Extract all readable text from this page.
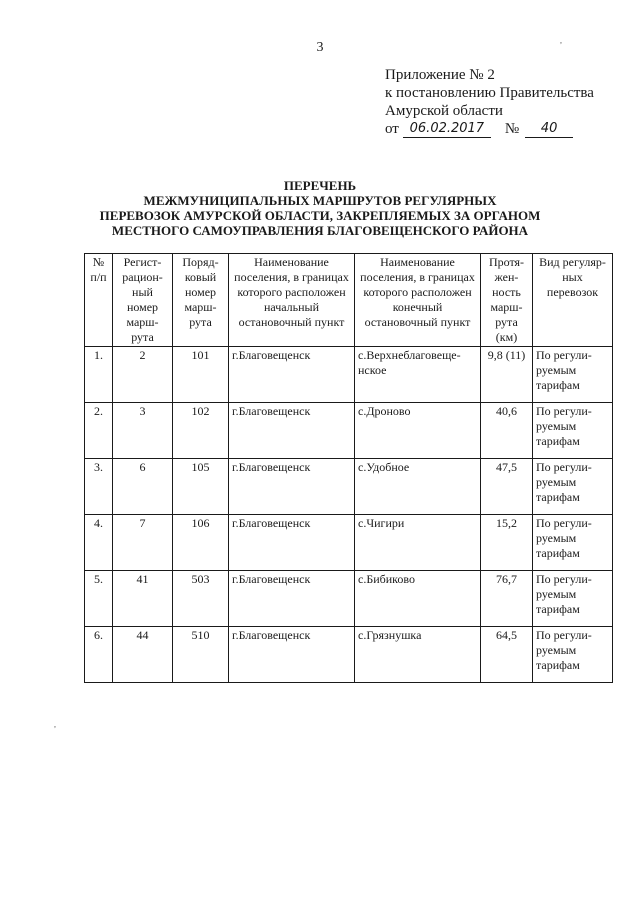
3
Приложение № 2
к постановлению Правительства
Амурской области
от 06.02.2017	№	40
ПЕРЕЧЕНЬ
МЕЖМУНИЦИПАЛЬНЫХ МАРШРУТОВ РЕГУЛЯРНЫХ
ПЕРЕВОЗОК АМУРСКОЙ ОБЛАСТИ, ЗАКРЕПЛЯЕМЫХ ЗА ОРГАНОМ
МЕСТНОГО САМОУПРАВЛЕНИЯ БЛАГОВЕЩЕНСКОГО РАЙОНА
№ п/п	Регист-рацион-ный номер марш-рута	Поряд-ковый номер марш-рута	Наименование поселения, в границах которого расположен начальный остановочный пункт	Наименование поселения, в границах которого расположен конечный остановочный пункт	Протя-жен-ность марш-рута (км)	Вид регуляр-ных перевозок
1.	2	101	г.Благовещенск	с.Верхнеблаговеще-нское	9,8 (11)	По регули-руемым тарифам
2.	3	102	г.Благовещенск	с.Дроново	40,6	По регули-руемым тарифам
3.	6	105	г.Благовещенск	с.Удобное	47,5	По регули-руемым тарифам
4.	7	106	г.Благовещенск	с.Чигири	15,2	По регули-руемым тарифам
5.	41	503	г.Благовещенск	с.Бибиково	76,7	По регули-руемым тарифам
6.	44	510	г.Благовещенск	с.Грязнушка	64,5	По регули-руемым тарифам
,
,
